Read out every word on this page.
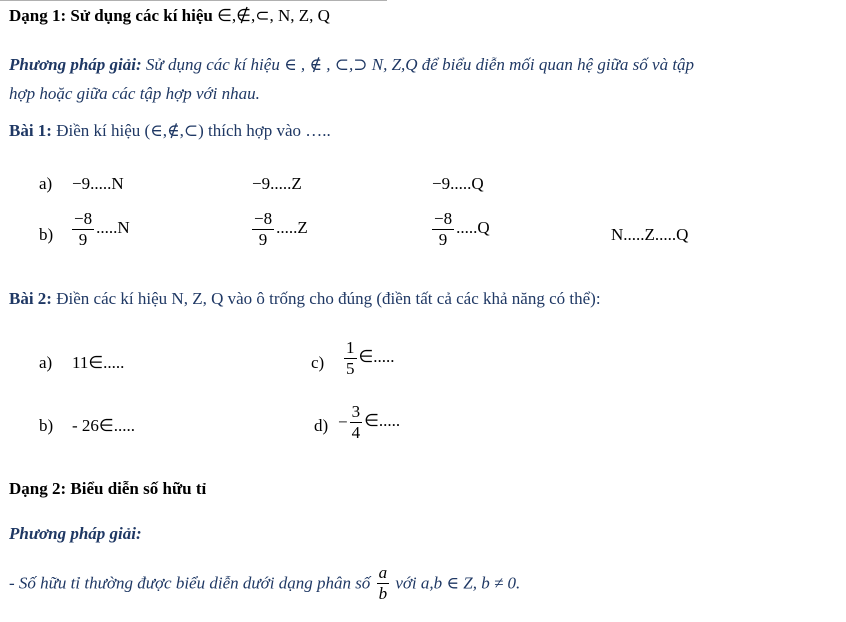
Dạng 1: Sử dụng các kí hiệu ∈,∉,⊂, N, Z, Q
Phương pháp giải: Sử dụng các kí hiệu ∈ , ∉ , ⊂,⊃ N, Z,Q để biểu diễn mối quan hệ giữa số và tập
hợp hoặc giữa các tập hợp với nhau.
Bài 1: Điền kí hiệu (∈,∉,⊂) thích hợp vào …..
a) −9.....N	−9.....Z	−9.....Q
$b) \frac{-8}{9} .....N$	$\frac{-8}{9} .....Z$	$\frac{-8}{9} .....Q$	N.....Z.....Q
Bài 2: Điền các kí hiệu N, Z, Q vào ô trống cho đúng (điền tất cả các khả năng có thể):
a) 11∈.....	$c) \frac{1}{5}$ ∈.....
b) - 26∈.....	$d) - \frac{3}{4}$ ∈.....
Dạng 2: Biểu diễn số hữu tỉ
Phương pháp giải:
- Số hữu tỉ thường được biểu diễn dưới dạng phân số $\frac{a}{b}$ với a,b ∈ Z, b ≠ 0.
